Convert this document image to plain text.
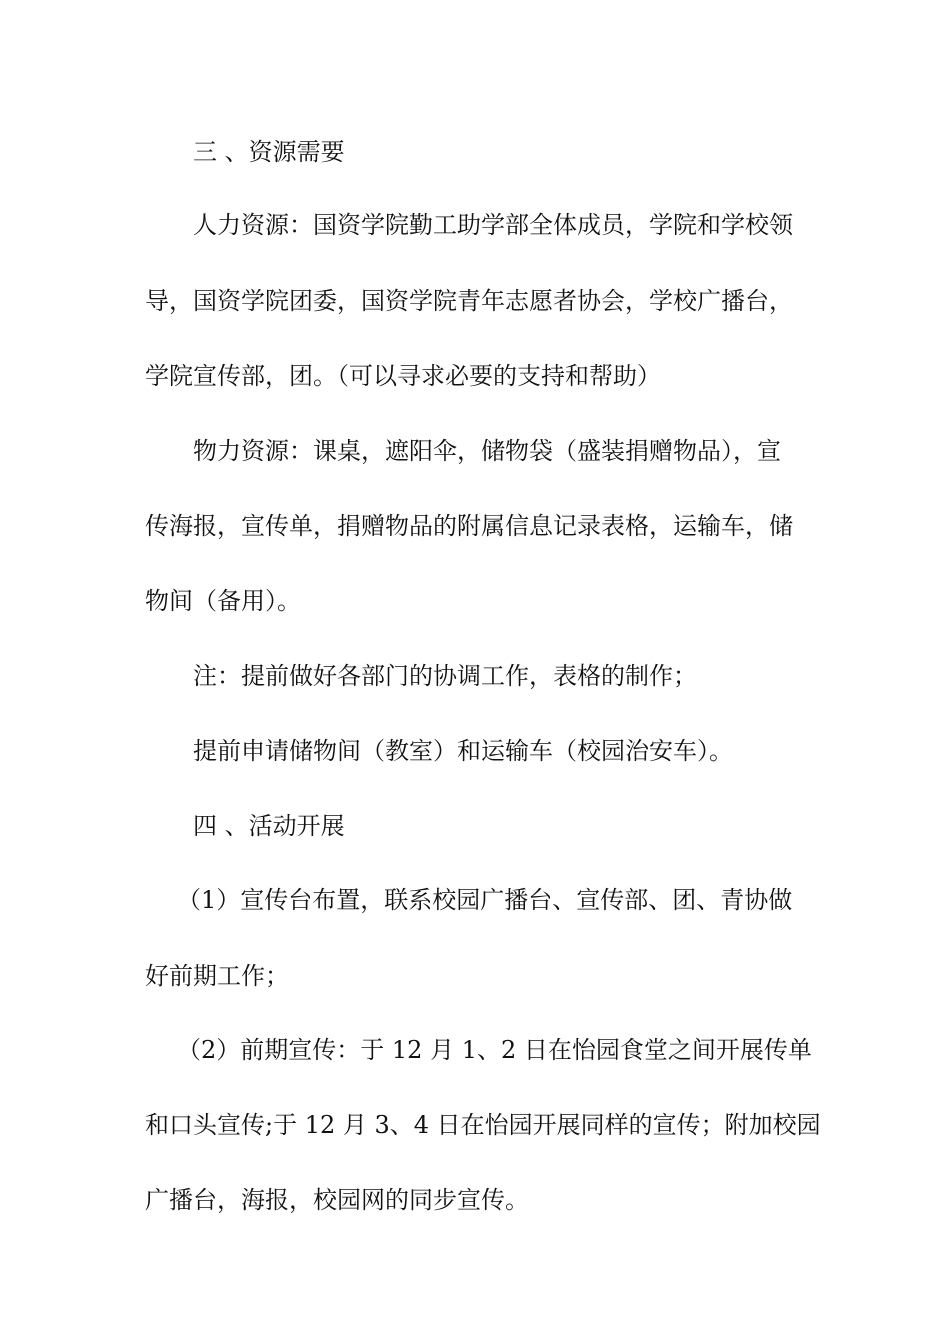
三 、资源需要
人力资源：国资学院勤工助学部全体成员，学院和学校领
导，国资学院团委，国资学院青年志愿者协会，学校广播台，
学院宣传部，团。（可以寻求必要的支持和帮助）
物力资源：课桌，遮阳伞，储物袋（盛装捐赠物品），宣
传海报，宣传单，捐赠物品的附属信息记录表格，运输车，储
物间（备用）。
注：提前做好各部门的协调工作，表格的制作；
提前申请储物间（教室）和运输车（校园治安车）。
四 、活动开展
（1）宣传台布置，联系校园广播台、宣传部、团、青协做
好前期工作；
（2）前期宣传：于 12 月 1、2 日在怡园食堂之间开展传单
和口头宣传;于 12 月 3、4 日在怡园开展同样的宣传；附加校园
广播台，海报，校园网的同步宣传。
